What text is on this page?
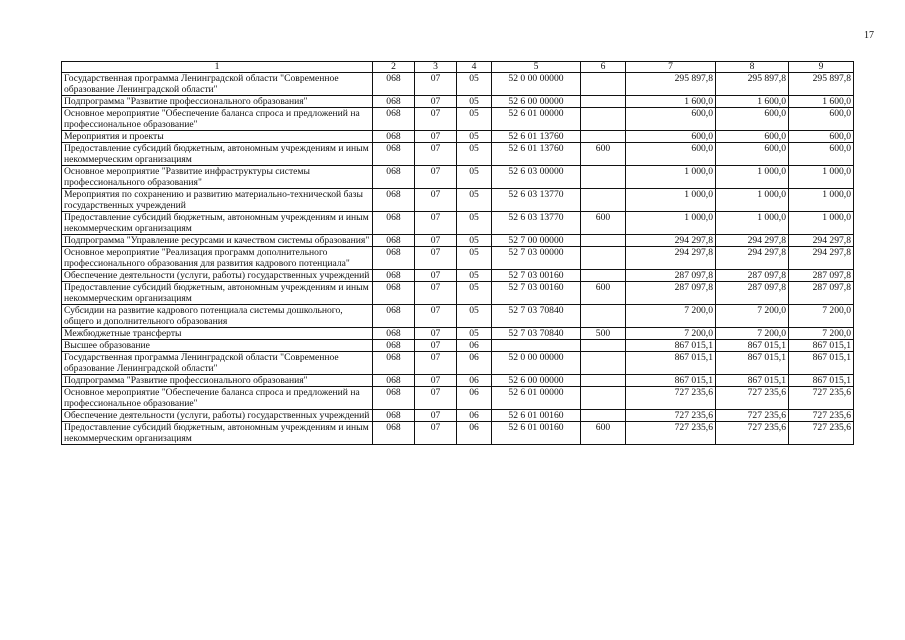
17
1	2	3	4	5	6	7	8	9
Государственная программа Ленинградской области "Современное образование Ленинградской области"	068	07	05	52 0 00 00000		295 897,8	295 897,8	295 897,8
Подпрограмма "Развитие профессионального образования"	068	07	05	52 6 00 00000		1 600,0	1 600,0	1 600,0
Основное мероприятие "Обеспечение баланса спроса и предложений на профессиональное образование"	068	07	05	52 6 01 00000		600,0	600,0	600,0
Мероприятия и проекты	068	07	05	52 6 01 13760		600,0	600,0	600,0
Предоставление субсидий бюджетным, автономным учреждениям и иным некоммерческим организациям	068	07	05	52 6 01 13760	600	600,0	600,0	600,0
Основное мероприятие "Развитие инфраструктуры системы профессионального образования"	068	07	05	52 6 03 00000		1 000,0	1 000,0	1 000,0
Мероприятия по сохранению и развитию материально-технической базы государственных учреждений	068	07	05	52 6 03 13770		1 000,0	1 000,0	1 000,0
Предоставление субсидий бюджетным, автономным учреждениям и иным некоммерческим организациям	068	07	05	52 6 03 13770	600	1 000,0	1 000,0	1 000,0
Подпрограмма "Управление ресурсами и качеством системы образования"	068	07	05	52 7 00 00000		294 297,8	294 297,8	294 297,8
Основное мероприятие "Реализация программ дополнительного профессионального образования для развития кадрового потенциала"	068	07	05	52 7 03 00000		294 297,8	294 297,8	294 297,8
Обеспечение деятельности (услуги, работы) государственных учреждений	068	07	05	52 7 03 00160		287 097,8	287 097,8	287 097,8
Предоставление субсидий бюджетным, автономным учреждениям и иным некоммерческим организациям	068	07	05	52 7 03 00160	600	287 097,8	287 097,8	287 097,8
Субсидии на развитие кадрового потенциала системы дошкольного, общего и дополнительного образования	068	07	05	52 7 03 70840		7 200,0	7 200,0	7 200,0
Межбюджетные трансферты	068	07	05	52 7 03 70840	500	7 200,0	7 200,0	7 200,0
Высшее образование	068	07	06			867 015,1	867 015,1	867 015,1
Государственная программа Ленинградской области "Современное образование Ленинградской области"	068	07	06	52 0 00 00000		867 015,1	867 015,1	867 015,1
Подпрограмма "Развитие профессионального образования"	068	07	06	52 6 00 00000		867 015,1	867 015,1	867 015,1
Основное мероприятие "Обеспечение баланса спроса и предложений на профессиональное образование"	068	07	06	52 6 01 00000		727 235,6	727 235,6	727 235,6
Обеспечение деятельности (услуги, работы) государственных учреждений	068	07	06	52 6 01 00160		727 235,6	727 235,6	727 235,6
Предоставление субсидий бюджетным, автономным учреждениям и иным некоммерческим организациям	068	07	06	52 6 01 00160	600	727 235,6	727 235,6	727 235,6
